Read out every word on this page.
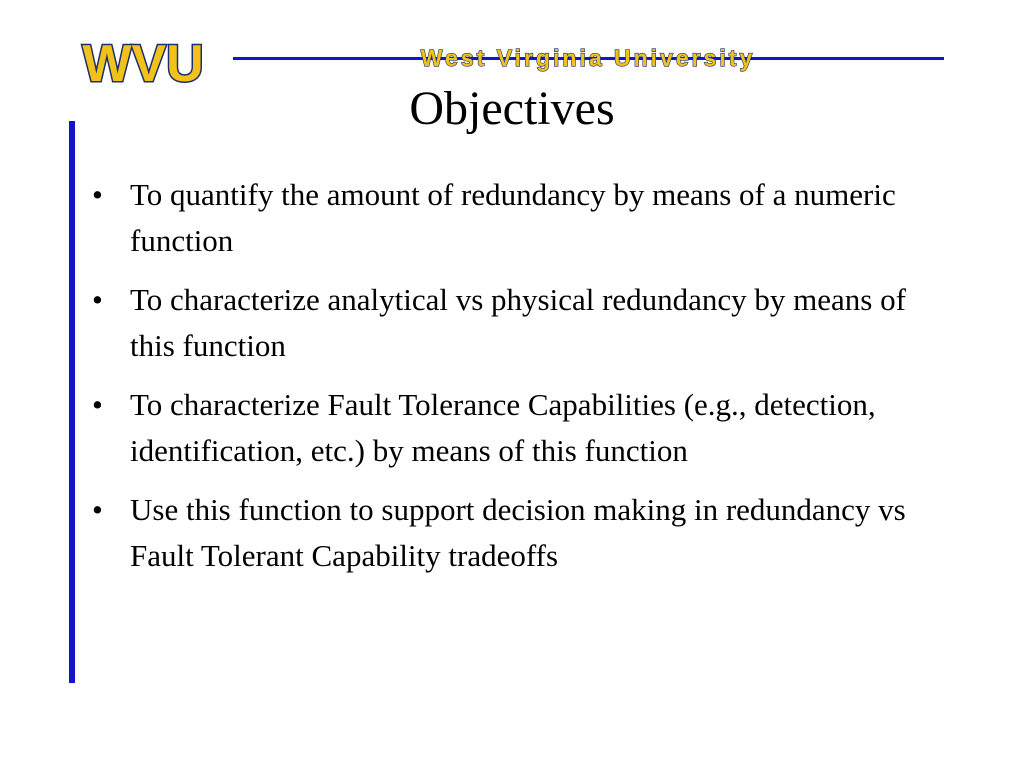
WVU	West Virginia University
Objectives
• To quantify the amount of redundancy by means of a numeric function
• To characterize analytical vs physical redundancy by means of this function
• To characterize Fault Tolerance Capabilities (e.g., detection, identification, etc.) by means of this function
• Use this function to support decision making in redundancy vs Fault Tolerant Capability tradeoffs
